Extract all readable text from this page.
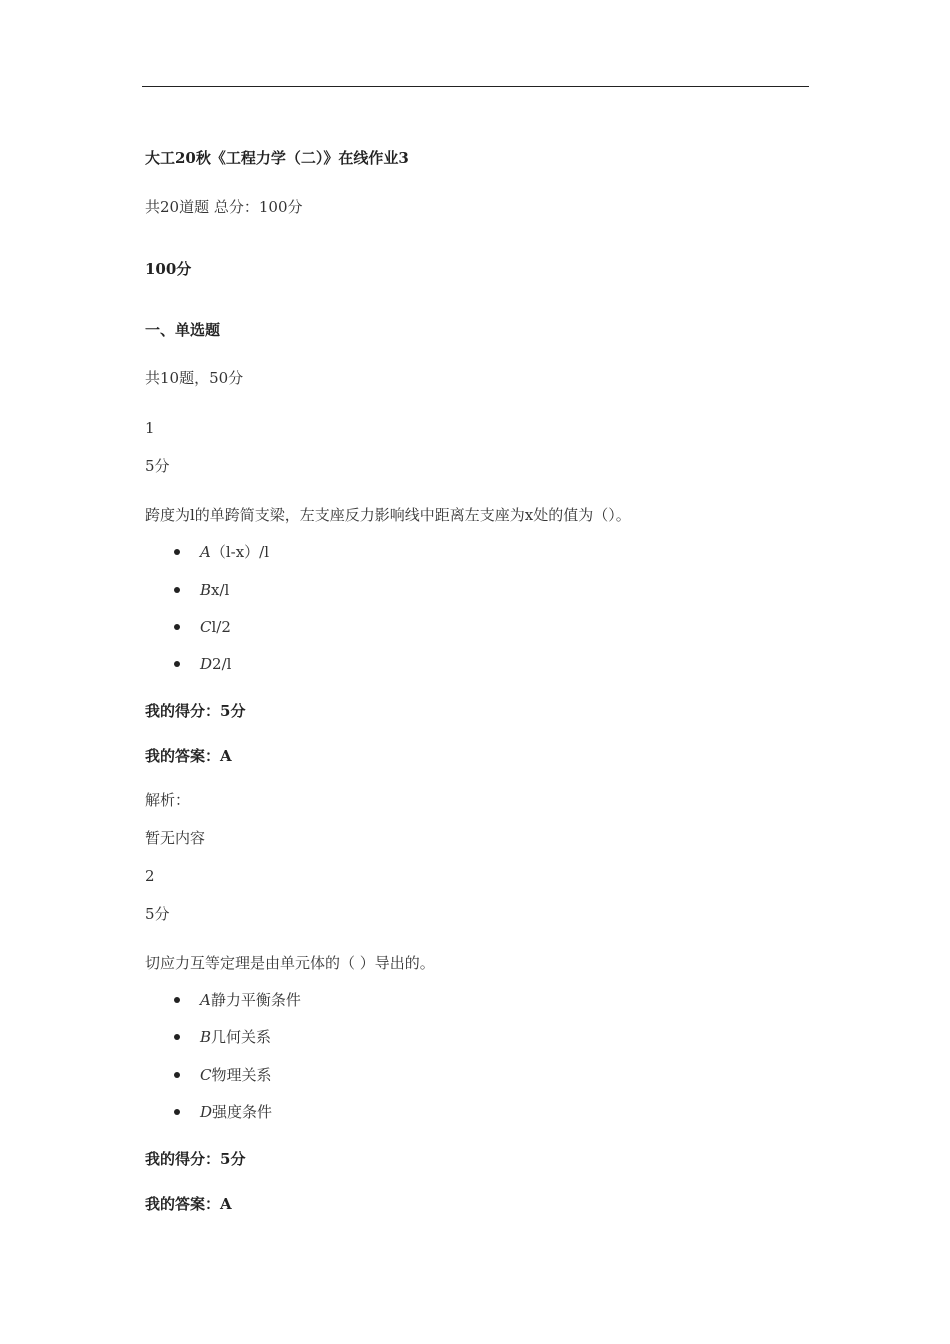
大工20秋《工程力学（二）》在线作业3
共20道题 总分：100分
100分
一、单选题
共10题，50分
1
5分
跨度为l的单跨简支梁，左支座反力影响线中距离左支座为x处的值为（）。
A（l-x）/l
Bx/l
Cl/2
D2/l
我的得分：5分
我的答案：A
解析：
暂无内容
2
5分
切应力互等定理是由单元体的（ ）导出的。
A静力平衡条件
B几何关系
C物理关系
D强度条件
我的得分：5分
我的答案：A
